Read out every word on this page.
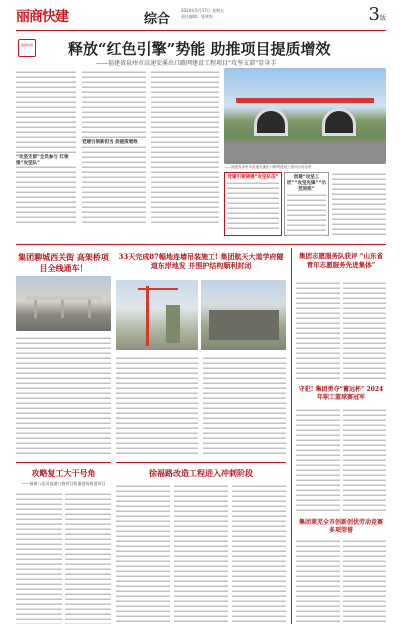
丽商快建	综合
2024年5月17日 星期五
责任编辑：张笑昀	3版
丽商快建 释放“红色引擎”势能 助推项目提质增效
——福建省泉州市高速安溪出口路网建设工程项目“攻坚支部”显身手
“攻坚支部”全员参与 红领推“攻坚队”
党建引领新担当 促提质增效
——福建省泉州市高速安溪出口路网建设工程项目部全景
党建引领铸强“攻坚队伍”	创建“攻坚工匠”“攻坚先锋”“示范班组”
集团聊城西关街 高架桥项目全线通车！
33天完成87幅地连墙吊装施工! 集团航天大道学府隧道东岸地发 并围护结构顺利封闭
集团志愿服务队获评 “山东省青年志愿服务先进集体”
守犯! 集团勇夺“蓄远杯” 2024年职工篮球赛冠军
集团莱芜全市创新创优劳动竞赛 多项荣誉
徐福路改造工程进入冲刺阶段
攻略复工大干号角
——福建八达司高速公路项目机器进场推进项目
